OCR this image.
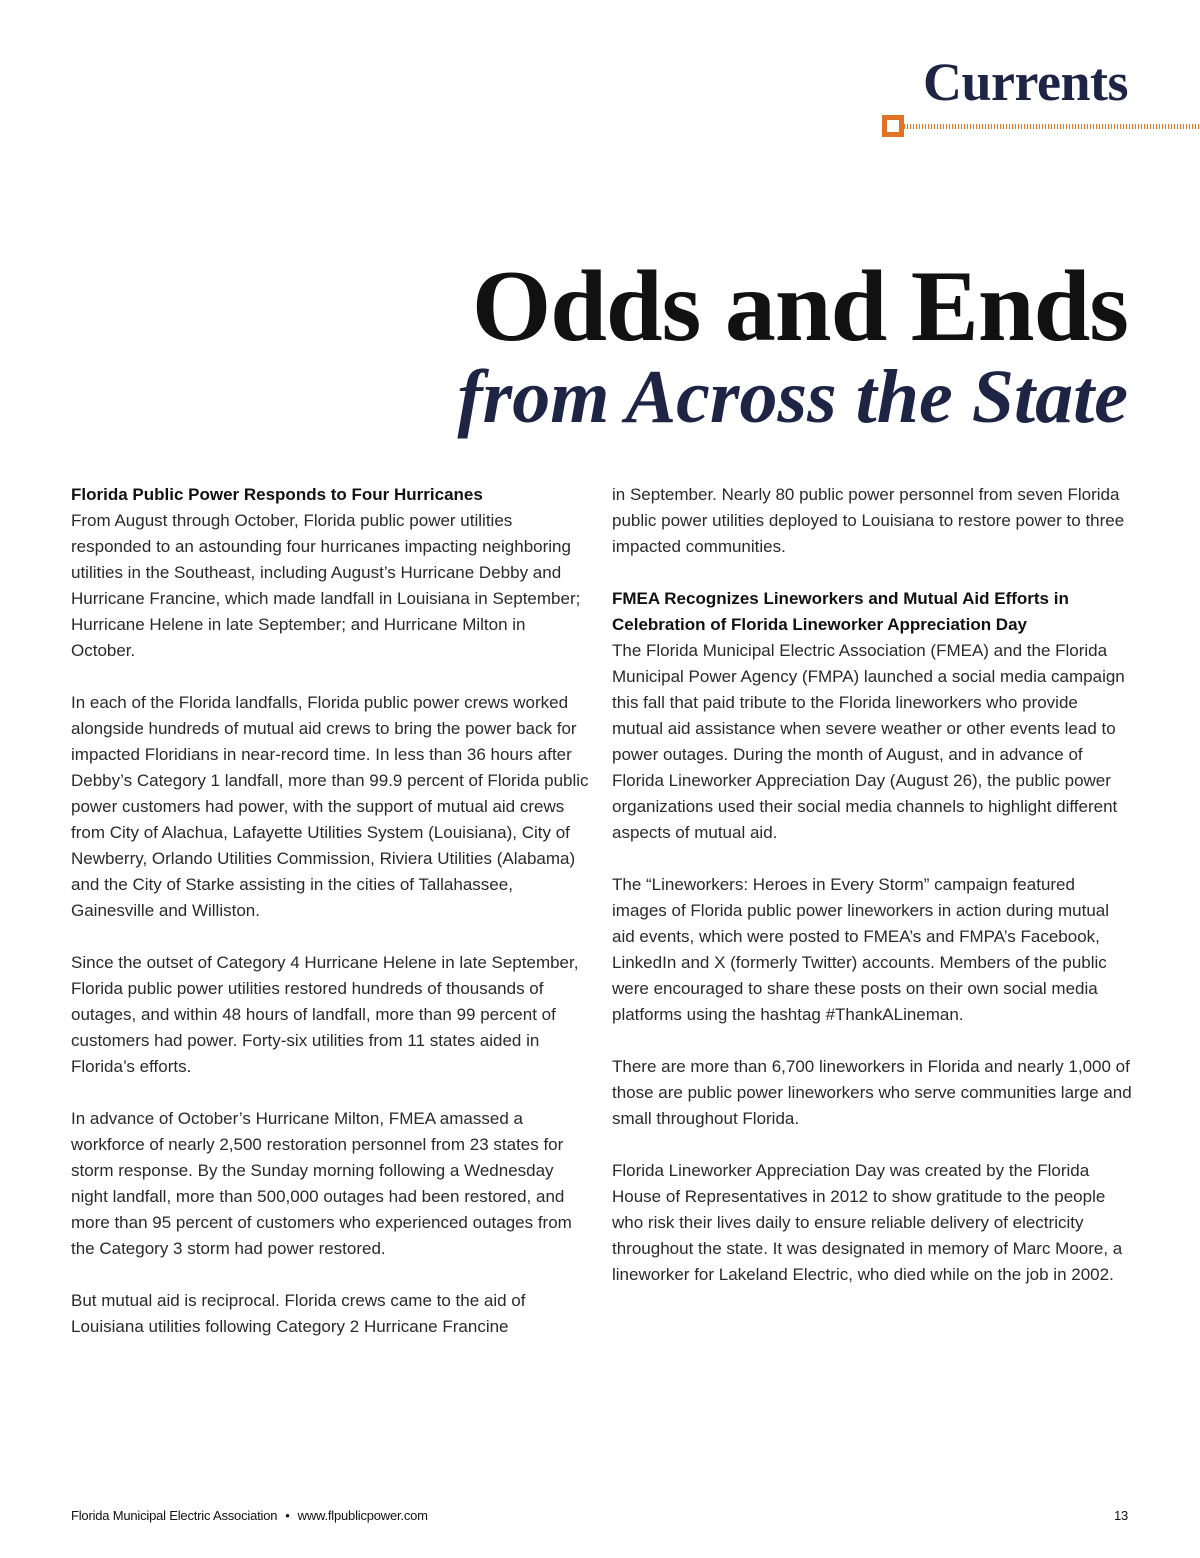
Currents
Odds and Ends
from Across the State
Florida Public Power Responds to Four Hurricanes

From August through October, Florida public power utilities responded to an astounding four hurricanes impacting neighboring utilities in the Southeast, including August’s Hurricane Debby and Hurricane Francine, which made landfall in Louisiana in September; Hurricane Helene in late September; and Hurricane Milton in October.

In each of the Florida landfalls, Florida public power crews worked alongside hundreds of mutual aid crews to bring the power back for impacted Floridians in near-record time. In less than 36 hours after Debby’s Category 1 landfall, more than 99.9 percent of Florida public power customers had power, with the support of mutual aid crews from City of Alachua, Lafayette Utilities System (Louisiana), City of Newberry, Orlando Utilities Commission, Riviera Utilities (Alabama) and the City of Starke assisting in the cities of Tallahassee, Gainesville and Williston.

Since the outset of Category 4 Hurricane Helene in late September, Florida public power utilities restored hundreds of thousands of outages, and within 48 hours of landfall, more than 99 percent of customers had power. Forty-six utilities from 11 states aided in Florida’s efforts.

In advance of October’s Hurricane Milton, FMEA amassed a workforce of nearly 2,500 restoration personnel from 23 states for storm response. By the Sunday morning following a Wednesday night landfall, more than 500,000 outages had been restored, and more than 95 percent of customers who experienced outages from the Category 3 storm had power restored.

But mutual aid is reciprocal. Florida crews came to the aid of Louisiana utilities following Category 2 Hurricane Francine

in September. Nearly 80 public power personnel from seven Florida public power utilities deployed to Louisiana to restore power to three impacted communities.

FMEA Recognizes Lineworkers and Mutual Aid Efforts in Celebration of Florida Lineworker Appreciation Day

The Florida Municipal Electric Association (FMEA) and the Florida Municipal Power Agency (FMPA) launched a social media campaign this fall that paid tribute to the Florida lineworkers who provide mutual aid assistance when severe weather or other events lead to power outages. During the month of August, and in advance of Florida Lineworker Appreciation Day (August 26), the public power organizations used their social media channels to highlight different aspects of mutual aid.

The “Lineworkers: Heroes in Every Storm” campaign featured images of Florida public power lineworkers in action during mutual aid events, which were posted to FMEA’s and FMPA’s Facebook, LinkedIn and X (formerly Twitter) accounts. Members of the public were encouraged to share these posts on their own social media platforms using the hashtag #ThankALineman.

There are more than 6,700 lineworkers in Florida and nearly 1,000 of those are public power lineworkers who serve communities large and small throughout Florida.

Florida Lineworker Appreciation Day was created by the Florida House of Representatives in 2012 to show gratitude to the people who risk their lives daily to ensure reliable delivery of electricity throughout the state. It was designated in memory of Marc Moore, a lineworker for Lakeland Electric, who died while on the job in 2002.

Florida Municipal Electric Association • www.flpublicpower.com	13
